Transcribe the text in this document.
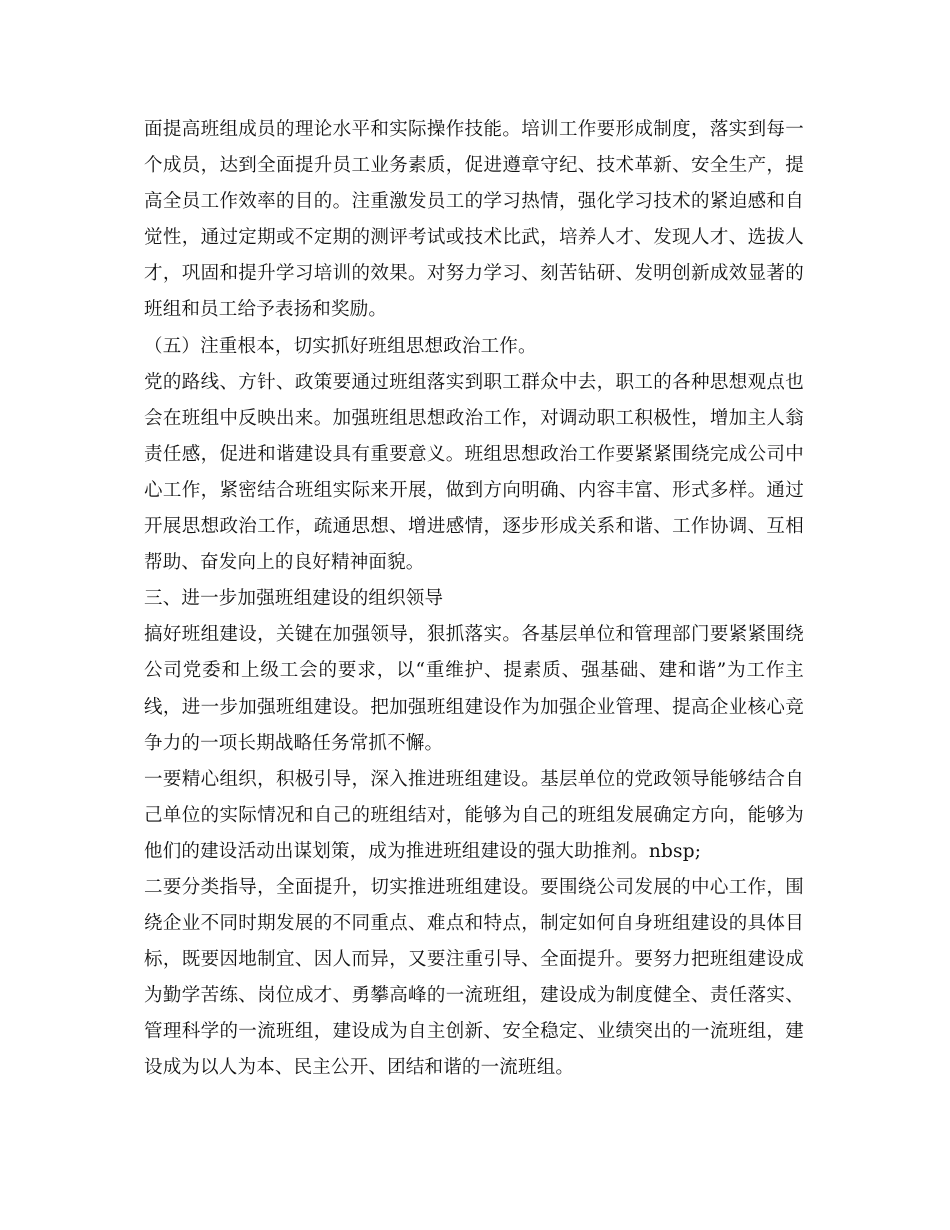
面提高班组成员的理论水平和实际操作技能。培训工作要形成制度，落实到每一个成员，达到全面提升员工业务素质，促进遵章守纪、技术革新、安全生产，提高全员工作效率的目的。注重激发员工的学习热情，强化学习技术的紧迫感和自觉性，通过定期或不定期的测评考试或技术比武，培养人才、发现人才、选拔人才，巩固和提升学习培训的效果。对努力学习、刻苦钻研、发明创新成效显著的班组和员工给予表扬和奖励。

（五）注重根本，切实抓好班组思想政治工作。

党的路线、方针、政策要通过班组落实到职工群众中去，职工的各种思想观点也会在班组中反映出来。加强班组思想政治工作，对调动职工积极性，增加主人翁责任感，促进和谐建设具有重要意义。班组思想政治工作要紧紧围绕完成公司中心工作，紧密结合班组实际来开展，做到方向明确、内容丰富、形式多样。通过开展思想政治工作，疏通思想、增进感情，逐步形成关系和谐、工作协调、互相帮助、奋发向上的良好精神面貌。

三、进一步加强班组建设的组织领导

搞好班组建设，关键在加强领导，狠抓落实。各基层单位和管理部门要紧紧围绕公司党委和上级工会的要求，以“重维护、提素质、强基础、建和谐”为工作主线，进一步加强班组建设。把加强班组建设作为加强企业管理、提高企业核心竞争力的一项长期战略任务常抓不懈。

一要精心组织，积极引导，深入推进班组建设。基层单位的党政领导能够结合自己单位的实际情况和自己的班组结对，能够为自己的班组发展确定方向，能够为他们的建设活动出谋划策，成为推进班组建设的强大助推剂。nbsp;

二要分类指导，全面提升，切实推进班组建设。要围绕公司发展的中心工作，围绕企业不同时期发展的不同重点、难点和特点，制定如何自身班组建设的具体目标，既要因地制宜、因人而异，又要注重引导、全面提升。要努力把班组建设成为勤学苦练、岗位成才、勇攀高峰的一流班组，建设成为制度健全、责任落实、管理科学的一流班组，建设成为自主创新、安全稳定、业绩突出的一流班组，建设成为以人为本、民主公开、团结和谐的一流班组。
